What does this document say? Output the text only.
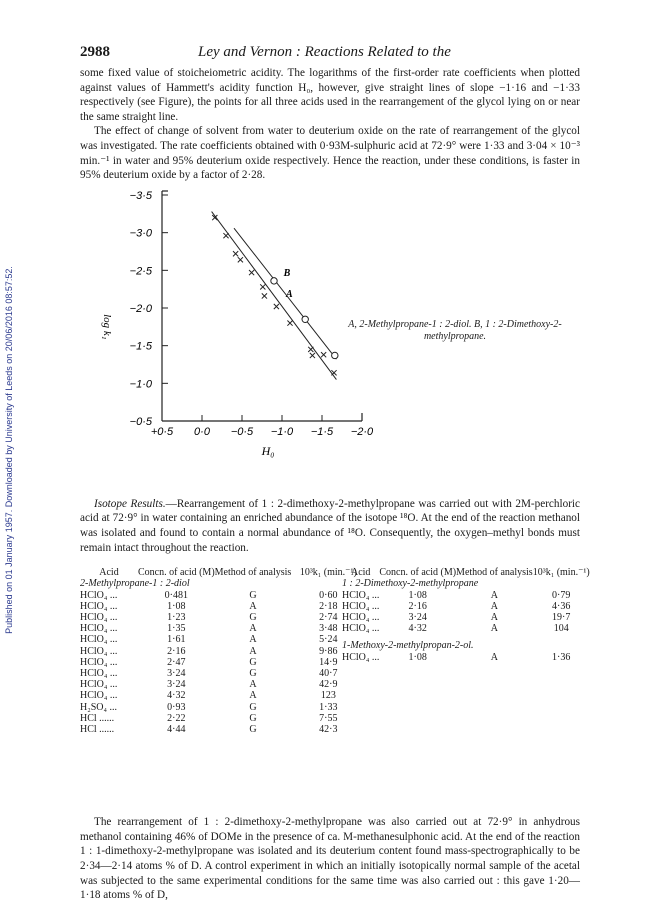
Published on 01 January 1957. Downloaded by University of Leeds on 20/06/2016 08:57:52.
2988	Ley and Vernon : Reactions Related to the

some fixed value of stoicheiometric acidity. The logarithms of the first-order rate coefficients when plotted against values of Hammett's acidity function H₀, however, give straight lines of slope −1·16 and −1·33 respectively (see Figure), the points for all three acids used in the rearrangement of the glycol lying on or near the same straight line.

The effect of change of solvent from water to deuterium oxide on the rate of rearrangement of the glycol was investigated. The rate coefficients obtained with 0·93M-sulphuric acid at 72·9° were 1·33 and 3·04 × 10⁻³ min.⁻¹ in water and 95% deuterium oxide respectively. Hence the reaction, under these conditions, is faster in 95% deuterium oxide by a factor of 2·28.

−3·5
−3·0
−2·5
−2·0
−1·5
−1·0
−0·5
+0·5 0·0 −0·5 −1·0 −1·5 −2·0
log k₁
H₀
A
B
A, 2-Methylpropane-1 : 2-diol. B, 1 : 2-Dimethoxy-2-methylpropane.

Isotope Results.—Rearrangement of 1 : 2-dimethoxy-2-methylpropane was carried out with 2M-perchloric acid at 72·9° in water containing an enriched abundance of the isotope ¹⁸O. At the end of the reaction methanol was isolated and found to contain a normal abundance of ¹⁸O. Consequently, the oxygen–methyl bonds must remain intact throughout the reaction.

Acid	Concn. of acid (M)	Method of analysis	10³k₁ (min.⁻¹)
2-Methylpropane-1 : 2-diol			
HClO₄ ...	0·481	G	0·60
HClO₄ ...	1·08	A	2·18
HClO₄ ...	1·23	G	2·74
HClO₄ ...	1·35	A	3·48
HClO₄ ...	1·61	A	5·24
HClO₄ ...	2·16	A	9·86
HClO₄ ...	2·47	G	14·9
HClO₄ ...	3·24	G	40·7
HClO₄ ...	3·24	A	42·9
HClO₄ ...	4·32	A	123
H₂SO₄ ...	0·93	G	1·33
HCl ......	2·22	G	7·55
HCl ......	4·44	G	42·3
Acid	Concn. of acid (M)	Method of analysis	10³k₁ (min.⁻¹)
1 : 2-Dimethoxy-2-methylpropane			
HClO₄ ...	1·08	A	0·79
HClO₄ ...	2·16	A	4·36
HClO₄ ...	3·24	A	19·7
HClO₄ ...	4·32	A	104

1-Methoxy-2-methylpropan-2-ol.			
HClO₄ ...	1·08	A	1·36

The rearrangement of 1 : 2-dimethoxy-2-methylpropane was also carried out at 72·9° in anhydrous methanol containing 46% of DOMe in the presence of ca. M-methanesulphonic acid. At the end of the reaction 1 : 1-dimethoxy-2-methylpropane was isolated and its deuterium content found mass-spectrographically to be 2·34—2·14 atoms % of D. A control experiment in which an initially isotopically normal sample of the acetal was subjected to the same experimental conditions for the same time was also carried out : this gave 1·20—1·18 atoms % of D,
